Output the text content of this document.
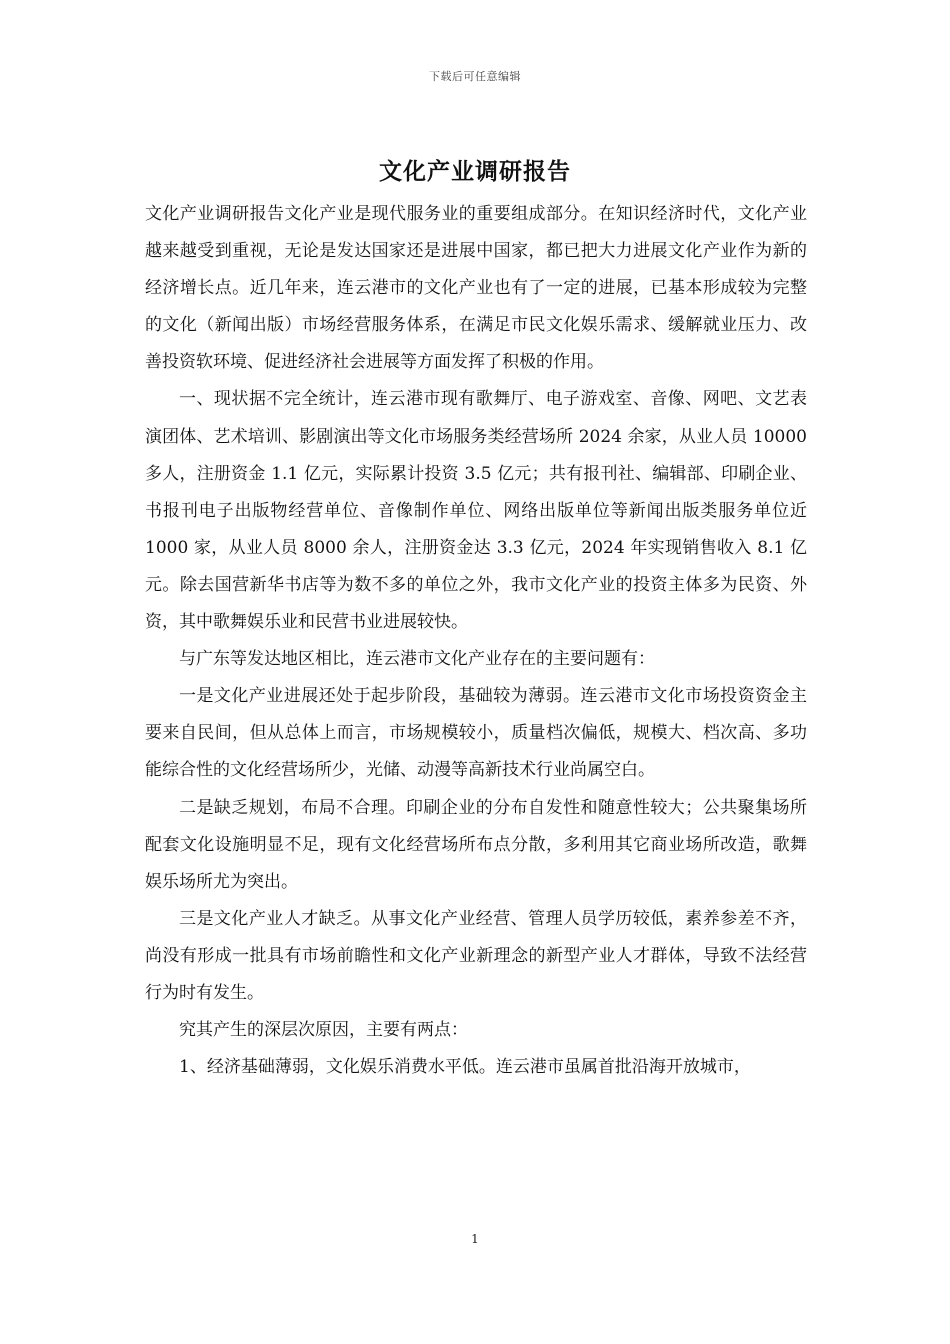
下载后可任意编辑
文化产业调研报告

文化产业调研报告文化产业是现代服务业的重要组成部分。在知识经济时代，文化产业越来越受到重视，无论是发达国家还是进展中国家，都已把大力进展文化产业作为新的经济增长点。近几年来，连云港市的文化产业也有了一定的进展，已基本形成较为完整的文化（新闻出版）市场经营服务体系，在满足市民文化娱乐需求、缓解就业压力、改善投资软环境、促进经济社会进展等方面发挥了积极的作用。

一、现状据不完全统计，连云港市现有歌舞厅、电子游戏室、音像、网吧、文艺表演团体、艺术培训、影剧演出等文化市场服务类经营场所 2024 余家，从业人员 10000 多人，注册资金 1.1 亿元，实际累计投资 3.5 亿元；共有报刊社、编辑部、印刷企业、书报刊电子出版物经营单位、音像制作单位、网络出版单位等新闻出版类服务单位近 1000 家，从业人员 8000 余人，注册资金达 3.3 亿元，2024 年实现销售收入 8.1 亿元。除去国营新华书店等为数不多的单位之外，我市文化产业的投资主体多为民资、外资，其中歌舞娱乐业和民营书业进展较快。

与广东等发达地区相比，连云港市文化产业存在的主要问题有：

一是文化产业进展还处于起步阶段，基础较为薄弱。连云港市文化市场投资资金主要来自民间，但从总体上而言，市场规模较小，质量档次偏低，规模大、档次高、多功能综合性的文化经营场所少，光储、动漫等高新技术行业尚属空白。

二是缺乏规划，布局不合理。印刷企业的分布自发性和随意性较大；公共聚集场所配套文化设施明显不足，现有文化经营场所布点分散，多利用其它商业场所改造，歌舞娱乐场所尤为突出。

三是文化产业人才缺乏。从事文化产业经营、管理人员学历较低，素养参差不齐，尚没有形成一批具有市场前瞻性和文化产业新理念的新型产业人才群体，导致不法经营行为时有发生。

究其产生的深层次原因，主要有两点：

1、经济基础薄弱，文化娱乐消费水平低。连云港市虽属首批沿海开放城市，

1
